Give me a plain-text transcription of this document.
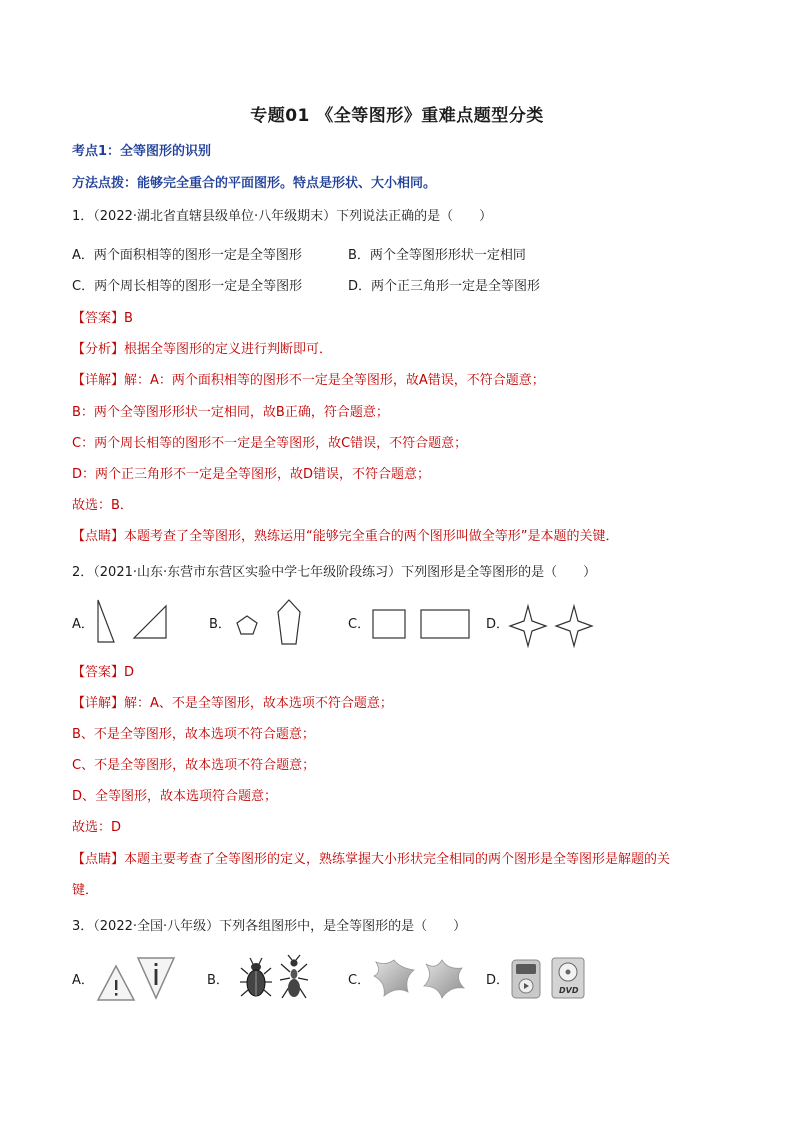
专题01 《全等图形》重难点题型分类
考点1：全等图形的识别
方法点拨：能够完全重合的平面图形。特点是形状、大小相同。
1．（2022·湖北省直辖县级单位·八年级期末）下列说法正确的是（　　）
A．两个面积相等的图形一定是全等图形	B．两个全等图形形状一定相同
C．两个周长相等的图形一定是全等图形	D．两个正三角形一定是全等图形
【答案】B
【分析】根据全等图形的定义进行判断即可．
【详解】解：A：两个面积相等的图形不一定是全等图形，故A错误，不符合题意；
B：两个全等图形形状一定相同，故B正确，符合题意；
C：两个周长相等的图形不一定是全等图形，故C错误，不符合题意；
D：两个正三角形不一定是全等图形，故D错误，不符合题意；
故选：B．
【点睛】本题考查了全等图形，熟练运用“能够完全重合的两个图形叫做全等形”是本题的关键．
2．（2021·山东·东营市东营区实验中学七年级阶段练习）下列图形是全等图形的是（　　）
A．	B．	C．	D．
【答案】D
【详解】解：A、不是全等图形，故本选项不符合题意；
B、不是全等图形，故本选项不符合题意；
C、不是全等图形，故本选项不符合题意；
D、全等图形，故本选项符合题意；
故选：D
【点睛】本题主要考查了全等图形的定义，熟练掌握大小形状完全相同的两个图形是全等图形是解题的关
键．
3．（2022·全国·八年级）下列各组图形中，是全等图形的是（　　）
A．	B．	C．	D．
DVD
